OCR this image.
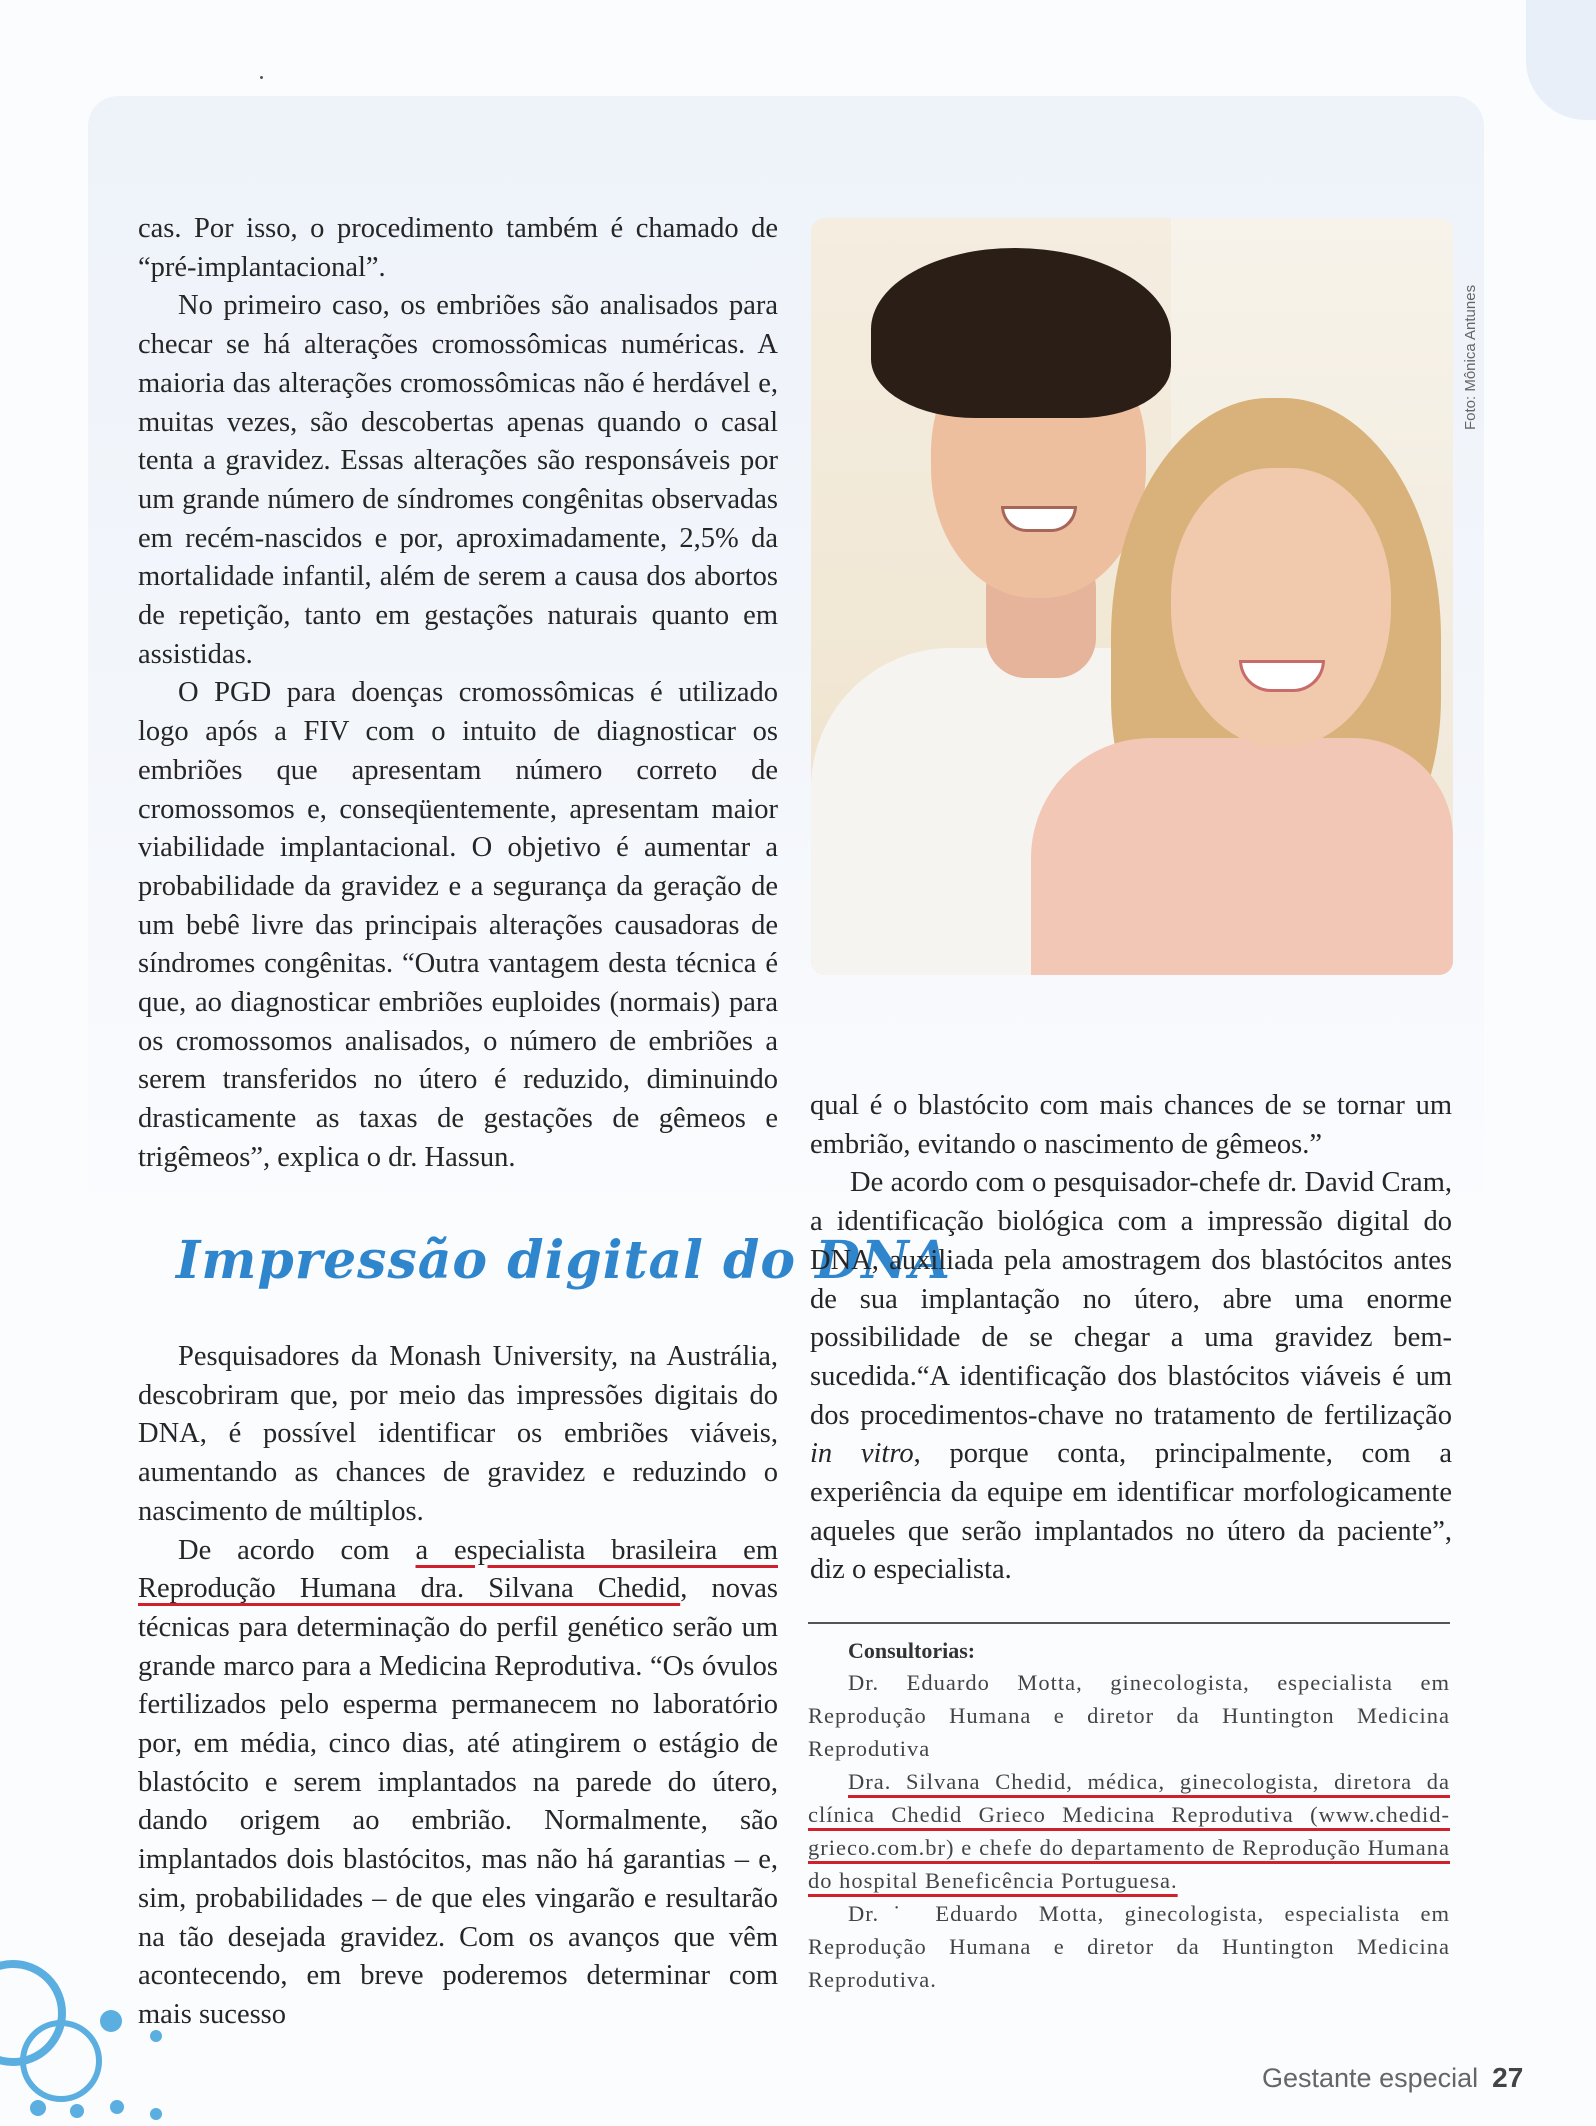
cas. Por isso, o procedimento também é chamado de “pré-implantacional”.

No primeiro caso, os embriões são analisados para checar se há alterações cromossômicas numéricas. A maioria das alterações cromossômicas não é herdável e, muitas vezes, são descobertas apenas quando o casal tenta a gravidez. Essas alterações são responsáveis por um grande número de síndromes congênitas observadas em recém-nascidos e por, aproximadamente, 2,5% da mortalidade infantil, além de serem a causa dos abortos de repetição, tanto em gestações naturais quanto em assistidas.

O PGD para doenças cromossômicas é utilizado logo após a FIV com o intuito de diagnosticar os embriões que apresentam número correto de cromossomos e, conseqüentemente, apresentam maior viabilidade implantacional. O objetivo é aumentar a probabilidade da gravidez e a segurança da geração de um bebê livre das principais alterações causadoras de síndromes congênitas. “Outra vantagem desta técnica é que, ao diagnosticar embriões euploides (normais) para os cromossomos analisados, o número de embriões a serem transferidos no útero é reduzido, diminuindo drasticamente as taxas de gestações de gêmeos e trigêmeos”, explica o dr. Hassun.

Impressão digital do DNA

Pesquisadores da Monash University, na Austrália, descobriram que, por meio das impressões digitais do DNA, é possível identificar os embriões viáveis, aumentando as chances de gravidez e reduzindo o nascimento de múltiplos.

De acordo com a especialista brasileira em Reprodução Humana dra. Silvana Chedid, novas técnicas para determinação do perfil genético serão um grande marco para a Medicina Reprodutiva. “Os óvulos fertilizados pelo esperma permanecem no laboratório por, em média, cinco dias, até atingirem o estágio de blastócito e serem implantados na parede do útero, dando origem ao embrião. Normalmente, são implantados dois blastócitos, mas não há garantias – e, sim, probabilidades – de que eles vingarão e resultarão na tão desejada gravidez. Com os avanços que vêm acontecendo, em breve poderemos determinar com mais sucesso

Foto: Mônica Antunes

qual é o blastócito com mais chances de se tornar um embrião, evitando o nascimento de gêmeos.”

De acordo com o pesquisador-chefe dr. David Cram, a identificação biológica com a impressão digital do DNA, auxiliada pela amostragem dos blastócitos antes de sua implantação no útero, abre uma enorme possibilidade de se chegar a uma gravidez bem-sucedida.“A identificação dos blastócitos viáveis é um dos procedimentos-chave no tratamento de fertilização in vitro, porque conta, principalmente, com a experiência da equipe em identificar morfologicamente aqueles que serão implantados no útero da paciente”, diz o especialista.

Consultorias:

Dr. Eduardo Motta, ginecologista, especialista em Reprodução Humana e diretor da Huntington Medicina Reprodutiva

Dra. Silvana Chedid, médica, ginecologista, diretora da clínica Chedid Grieco Medicina Reprodutiva (www.chedid-grieco.com.br) e chefe do departamento de Reprodução Humana do hospital Beneficência Portuguesa.

Dr.˙ Eduardo Motta, ginecologista, especialista em Reprodução Humana e diretor da Huntington Medicina Reprodutiva.

Gestante especial 27
